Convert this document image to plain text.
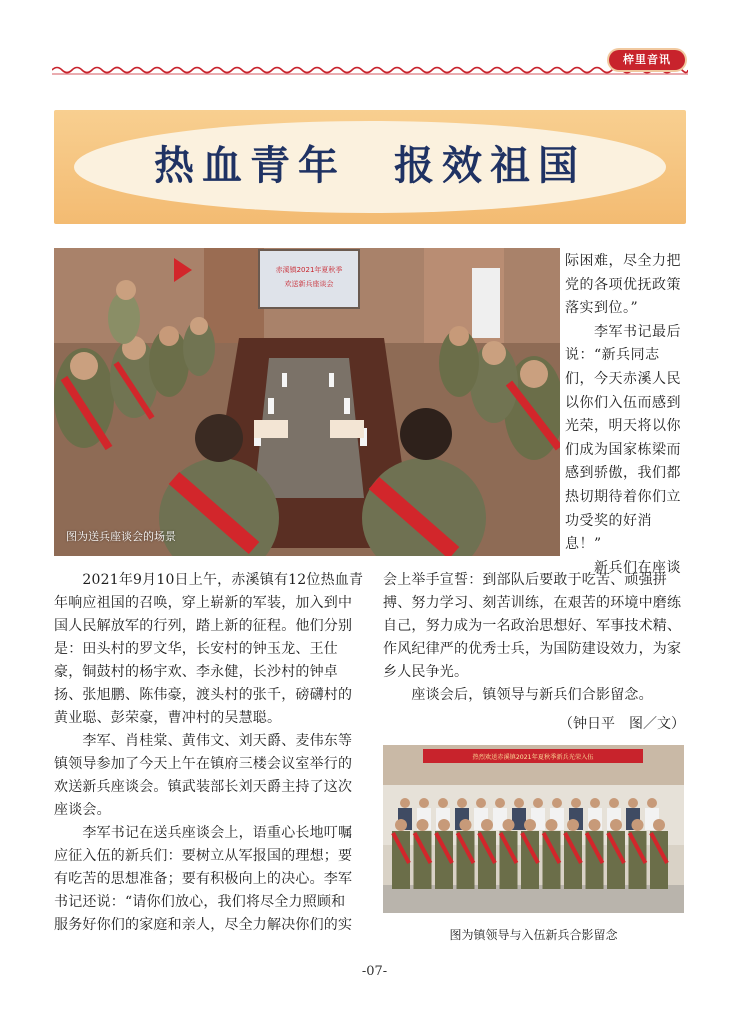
梓里音讯
热血青年　报效祖国
赤溪镇2021年夏秋季
欢送新兵座谈会
图为送兵座谈会的场景
际困难，尽全力把
党的各项优抚政策
落实到位。”
　　李军书记最后
说：“新兵同志
们，今天赤溪人民
以你们入伍而感到
光荣，明天将以你
们成为国家栋梁而
感到骄傲，我们都
热切期待着你们立
功受奖的好消
息！”
　　新兵们在座谈
　　2021年9月10日上午，赤溪镇有12位热血青
年响应祖国的召唤，穿上崭新的军装，加入到中
国人民解放军的行列，踏上新的征程。他们分别
是：田头村的罗文华，长安村的钟玉龙、王仕
豪，铜鼓村的杨宇欢、李永健，长沙村的钟卓
扬、张旭鹏、陈伟豪，渡头村的张千，磅礴村的
黄业聪、彭荣豪，曹冲村的吴慧聪。
　　李军、肖桂棠、黄伟文、刘天爵、麦伟东等
镇领导参加了今天上午在镇府三楼会议室举行的
欢送新兵座谈会。镇武装部长刘天爵主持了这次
座谈会。
　　李军书记在送兵座谈会上，语重心长地叮嘱
应征入伍的新兵们：要树立从军报国的理想；要
有吃苦的思想准备；要有积极向上的决心。李军
书记还说：“请你们放心，我们将尽全力照顾和
服务好你们的家庭和亲人，尽全力解决你们的实
会上举手宣誓：到部队后要敢于吃苦、顽强拼
搏、努力学习、刻苦训练，在艰苦的环境中磨练
自己，努力成为一名政治思想好、军事技术精、
作风纪律严的优秀士兵，为国防建设效力，为家
乡人民争光。
　　座谈会后，镇领导与新兵们合影留念。
（钟日平　图／文）
热烈欢送赤溪镇2021年夏秋季新兵光荣入伍
图为镇领导与入伍新兵合影留念
-07-
